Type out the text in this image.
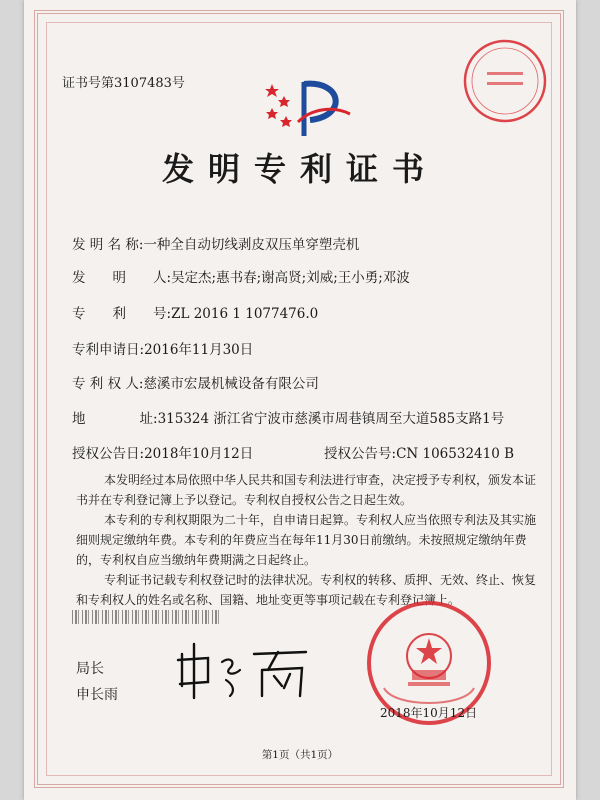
证书号第3107483号
发明专利证书
发 明 名 称:一种全自动切线剥皮双压单穿塑壳机
发　　明　　人:吴定杰;惠书春;谢高贤;刘威;王小勇;邓波
专　　利　　号:ZL 2016 1 1077476.0
专利申请日:2016年11月30日
专 利 权 人:慈溪市宏晟机械设备有限公司
地　　　　址:315324 浙江省宁波市慈溪市周巷镇周至大道585支路1号
授权公告日:2018年10月12日	授权公告号:CN 106532410 B

本发明经过本局依照中华人民共和国专利法进行审查，决定授予专利权，颁发本证书并在专利登记簿上予以登记。专利权自授权公告之日起生效。

本专利的专利权期限为二十年，自申请日起算。专利权人应当依照专利法及其实施细则规定缴纳年费。本专利的年费应当在每年11月30日前缴纳。未按照规定缴纳年费的，专利权自应当缴纳年费期满之日起终止。

专利证书记载专利权登记时的法律状况。专利权的转移、质押、无效、终止、恢复和专利权人的姓名或名称、国籍、地址变更等事项记载在专利登记簿上。

局长
申长雨
2018年10月12日
第1页（共1页）
